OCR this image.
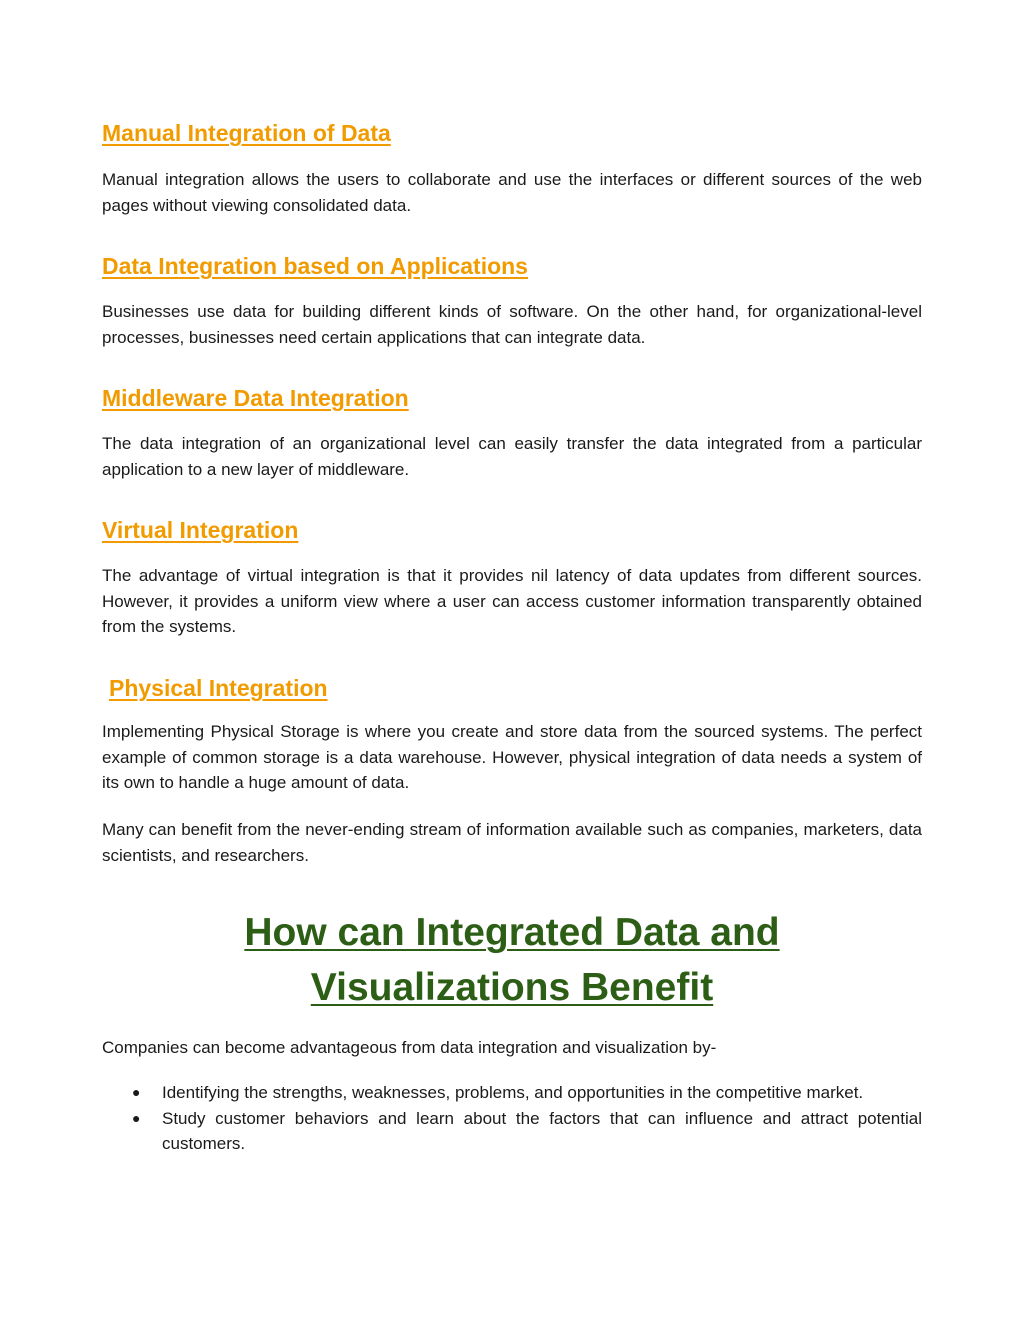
Manual Integration of Data

Manual integration allows the users to collaborate and use the interfaces or different sources of the web pages without viewing consolidated data.

Data Integration based on Applications

Businesses use data for building different kinds of software. On the other hand, for organizational-level processes, businesses need certain applications that can integrate data.

Middleware Data Integration

The data integration of an organizational level can easily transfer the data integrated from a particular application to a new layer of middleware.

Virtual Integration

The advantage of virtual integration is that it provides nil latency of data updates from different sources. However, it provides a uniform view where a user can access customer information transparently obtained from the systems.

Physical Integration

Implementing Physical Storage is where you create and store data from the sourced systems. The perfect example of common storage is a data warehouse. However, physical integration of data needs a system of its own to handle a huge amount of data.

Many can benefit from the never-ending stream of information available such as companies, marketers, data scientists, and researchers.

How can Integrated Data and
Visualizations Benefit

Companies can become advantageous from data integration and visualization by-

● Identifying the strengths, weaknesses, problems, and opportunities in the competitive market.
● Study customer behaviors and learn about the factors that can influence and attract potential customers.
